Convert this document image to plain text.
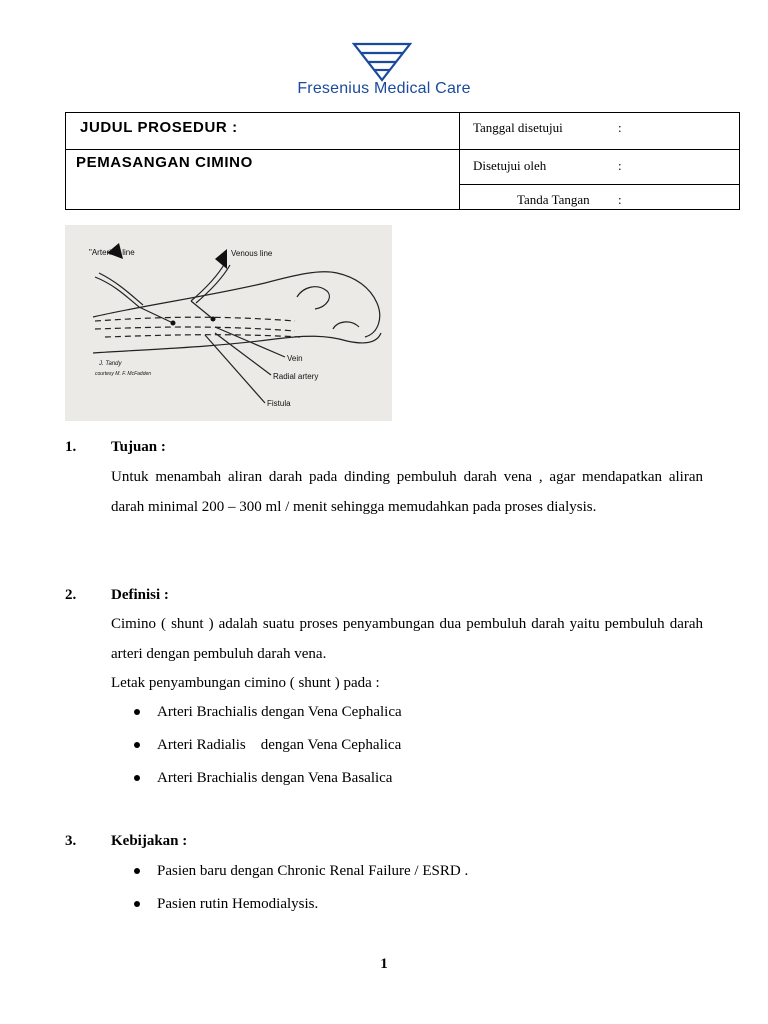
Fresenius Medical Care
JUDUL PROSEDUR :	Tanggal disetujui :

PEMASANGAN CIMINO	Disetujui oleh :

	Tanda Tangan :
"Arterial" line	Venous line
Vein
Radial artery
Fistula
J. Tandy
courtesy M. F. McFadden
1. Tujuan :
Untuk menambah aliran darah pada dinding pembuluh darah vena , agar mendapatkan aliran darah minimal 200 – 300 ml / menit sehingga memudahkan pada proses dialysis.
2. Definisi :
Cimino ( shunt ) adalah suatu proses penyambungan dua pembuluh darah yaitu pembuluh darah arteri dengan pembuluh darah vena.
Letak penyambungan cimino ( shunt ) pada :
Arteri Brachialis dengan Vena Cephalica
Arteri Radialis    dengan Vena Cephalica
Arteri Brachialis dengan Vena Basalica
3. Kebijakan :
Pasien baru dengan Chronic Renal Failure / ESRD .
Pasien rutin Hemodialysis.
1
